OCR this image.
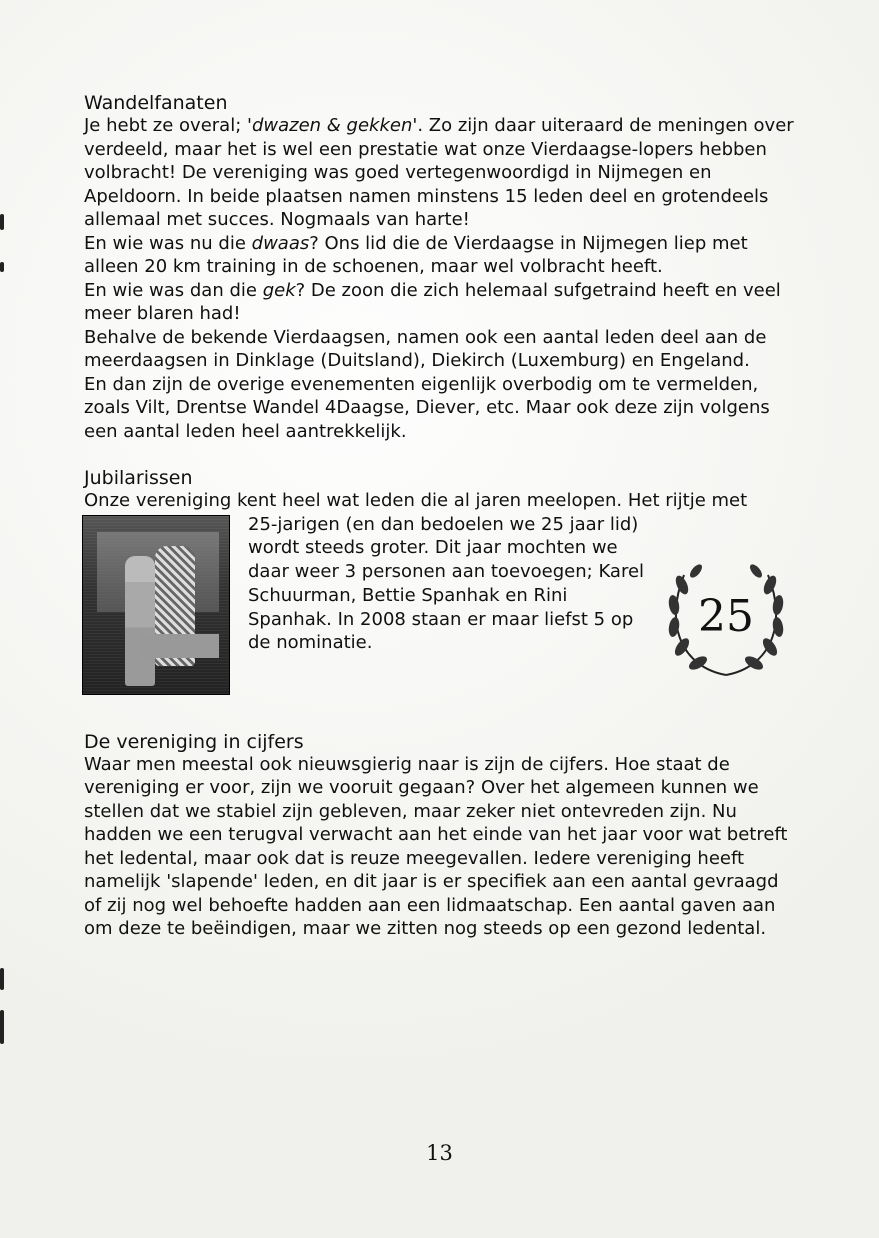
Wandelfanaten

Je hebt ze overal; 'dwazen & gekken'. Zo zijn daar uiteraard de meningen over verdeeld, maar het is wel een prestatie wat onze Vierdaagse-lopers hebben volbracht! De vereniging was goed vertegenwoordigd in Nijmegen en Apeldoorn. In beide plaatsen namen minstens 15 leden deel en grotendeels allemaal met succes. Nogmaals van harte!

En wie was nu die dwaas? Ons lid die de Vierdaagse in Nijmegen liep met alleen 20 km training in de schoenen, maar wel volbracht heeft.

En wie was dan die gek? De zoon die zich helemaal sufgetraind heeft en veel meer blaren had!

Behalve de bekende Vierdaagsen, namen ook een aantal leden deel aan de meerdaagsen in Dinklage (Duitsland), Diekirch (Luxemburg) en Engeland.

En dan zijn de overige evenementen eigenlijk overbodig om te vermelden, zoals Vilt, Drentse Wandel 4Daagse, Diever, etc. Maar ook deze zijn volgens een aantal leden heel aantrekkelijk.

Jubilarissen

Onze vereniging kent heel wat leden die al jaren meelopen. Het rijtje met

25-jarigen (en dan bedoelen we 25 jaar lid) wordt steeds groter. Dit jaar mochten we daar weer 3 personen aan toevoegen; Karel Schuurman, Bettie Spanhak en Rini Spanhak. In 2008 staan er maar liefst 5 op de nominatie.

25
De vereniging in cijfers

Waar men meestal ook nieuwsgierig naar is zijn de cijfers. Hoe staat de vereniging er voor, zijn we vooruit gegaan? Over het algemeen kunnen we stellen dat we stabiel zijn gebleven, maar zeker niet ontevreden zijn. Nu hadden we een terugval verwacht aan het einde van het jaar voor wat betreft het ledental, maar ook dat is reuze meegevallen. Iedere vereniging heeft namelijk 'slapende' leden, en dit jaar is er specifiek aan een aantal gevraagd of zij nog wel behoefte hadden aan een lidmaatschap. Een aantal gaven aan om deze te beëindigen, maar we zitten nog steeds op een gezond ledental.

13
